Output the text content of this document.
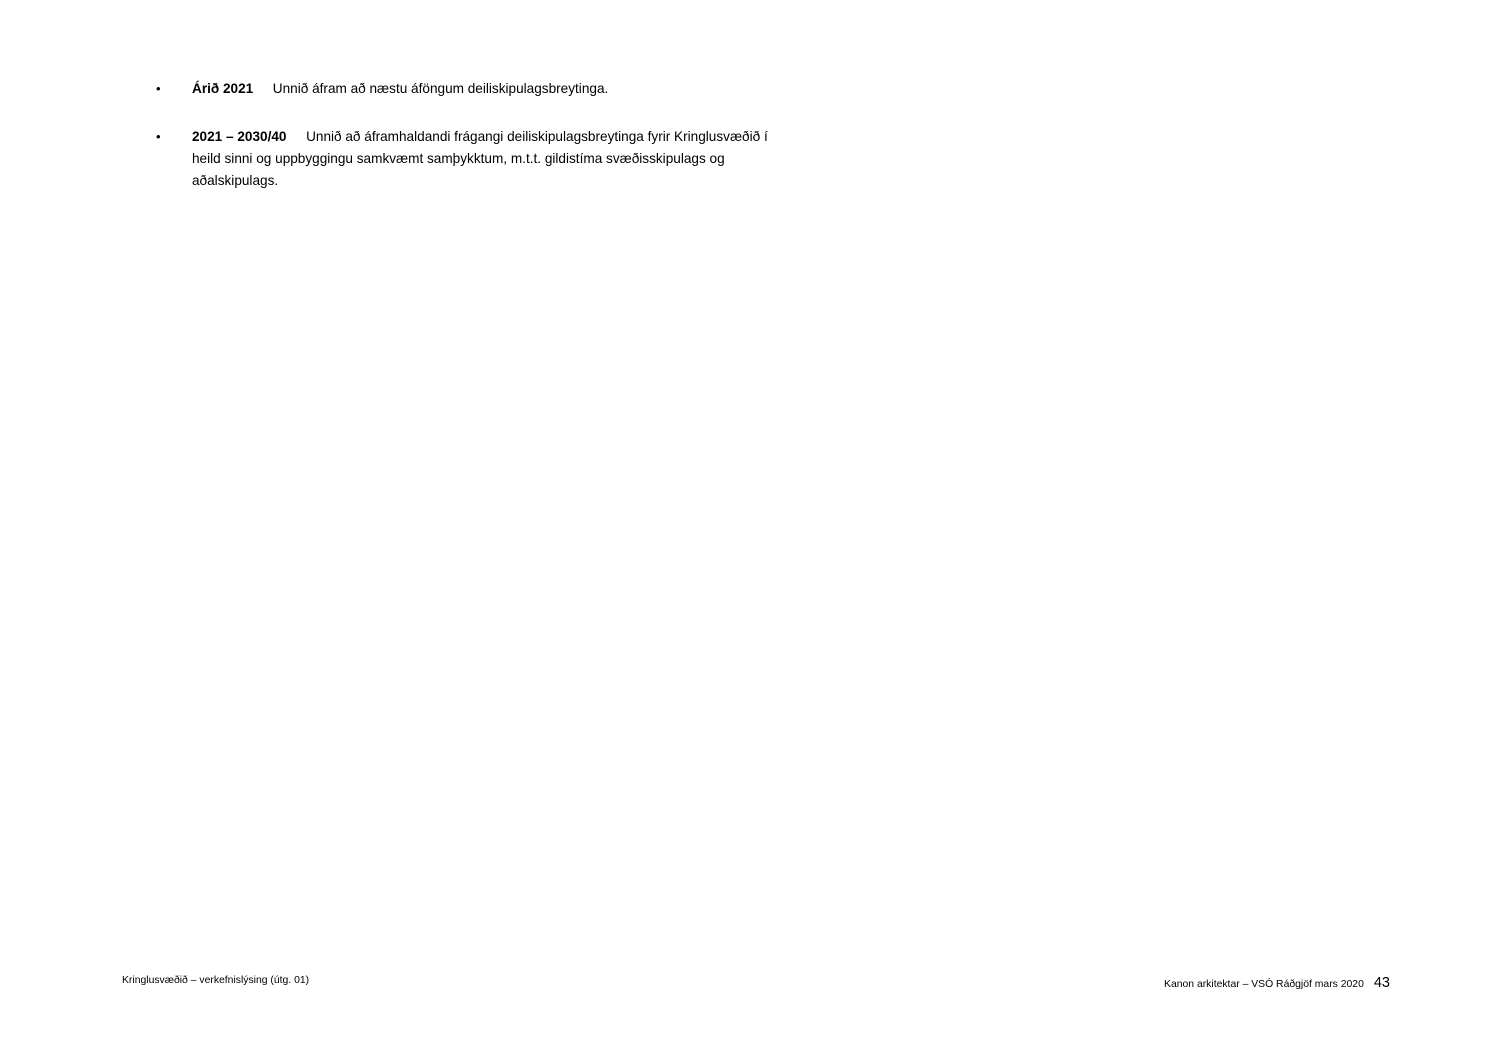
• Árið 2021 Unnið áfram að næstu áföngum deiliskipulagsbreytinga.
• 2021 – 2030/40 Unnið að áframhaldandi frágangi deiliskipulagsbreytinga fyrir Kringlusvæðið í heild sinni og uppbyggingu samkvæmt samþykktum, m.t.t. gildistíma svæðisskipulags og aðalskipulags.
Kringlusvæðið – verkefnislýsing (útg. 01)	Kanon arkitektar – VSÓ Ráðgjöf mars 2020 43
